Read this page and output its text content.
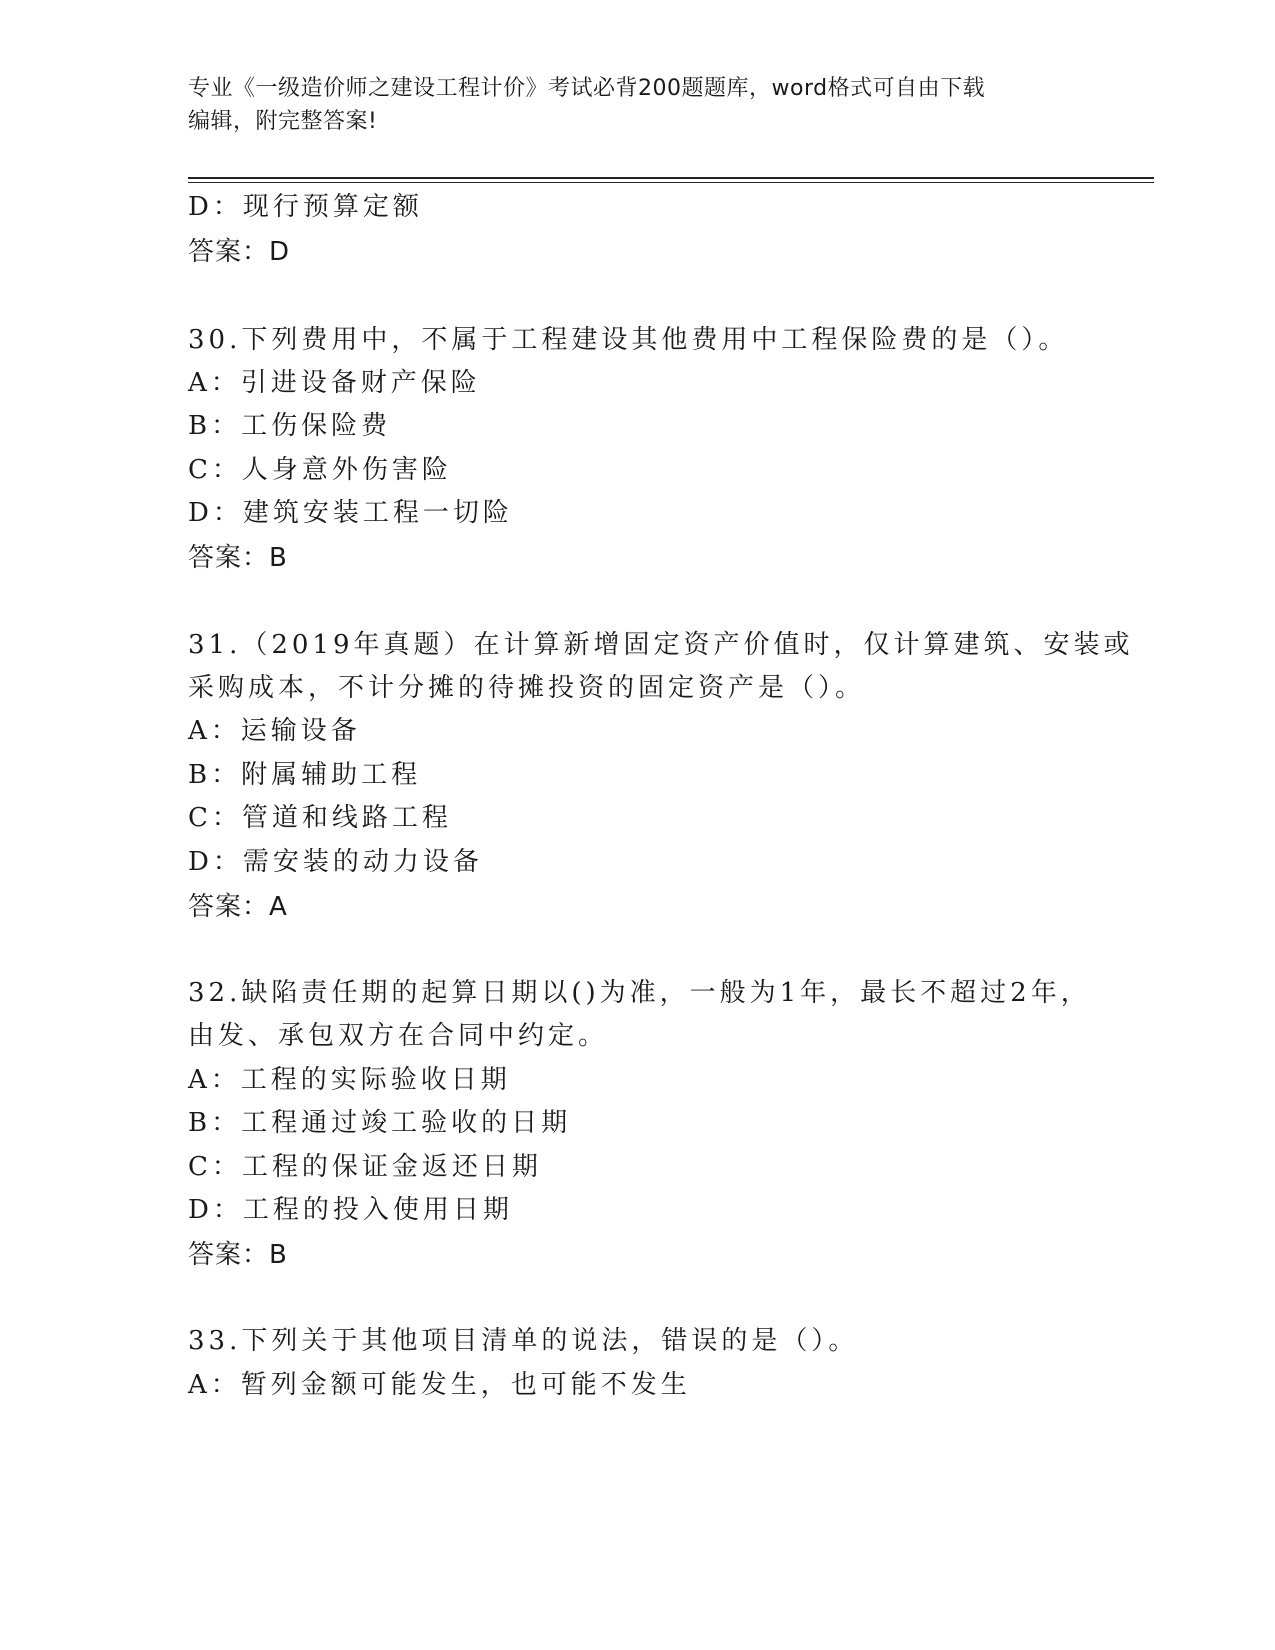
专业《一级造价师之建设工程计价》考试必背200题题库，word格式可自由下载
编辑，附完整答案!
D：现行预算定额
答案：D
30.下列费用中，不属于工程建设其他费用中工程保险费的是（）。
A：引进设备财产保险
B：工伤保险费
C：人身意外伤害险
D：建筑安装工程一切险
答案：B
31.（2019年真题）在计算新增固定资产价值时，仅计算建筑、安装或
采购成本，不计分摊的待摊投资的固定资产是（）。
A：运输设备
B：附属辅助工程
C：管道和线路工程
D：需安装的动力设备
答案：A
32.缺陷责任期的起算日期以()为准，一般为1年，最长不超过2年，
由发、承包双方在合同中约定。
A：工程的实际验收日期
B：工程通过竣工验收的日期
C：工程的保证金返还日期
D：工程的投入使用日期
答案：B
33.下列关于其他项目清单的说法，错误的是（）。
A：暂列金额可能发生，也可能不发生
